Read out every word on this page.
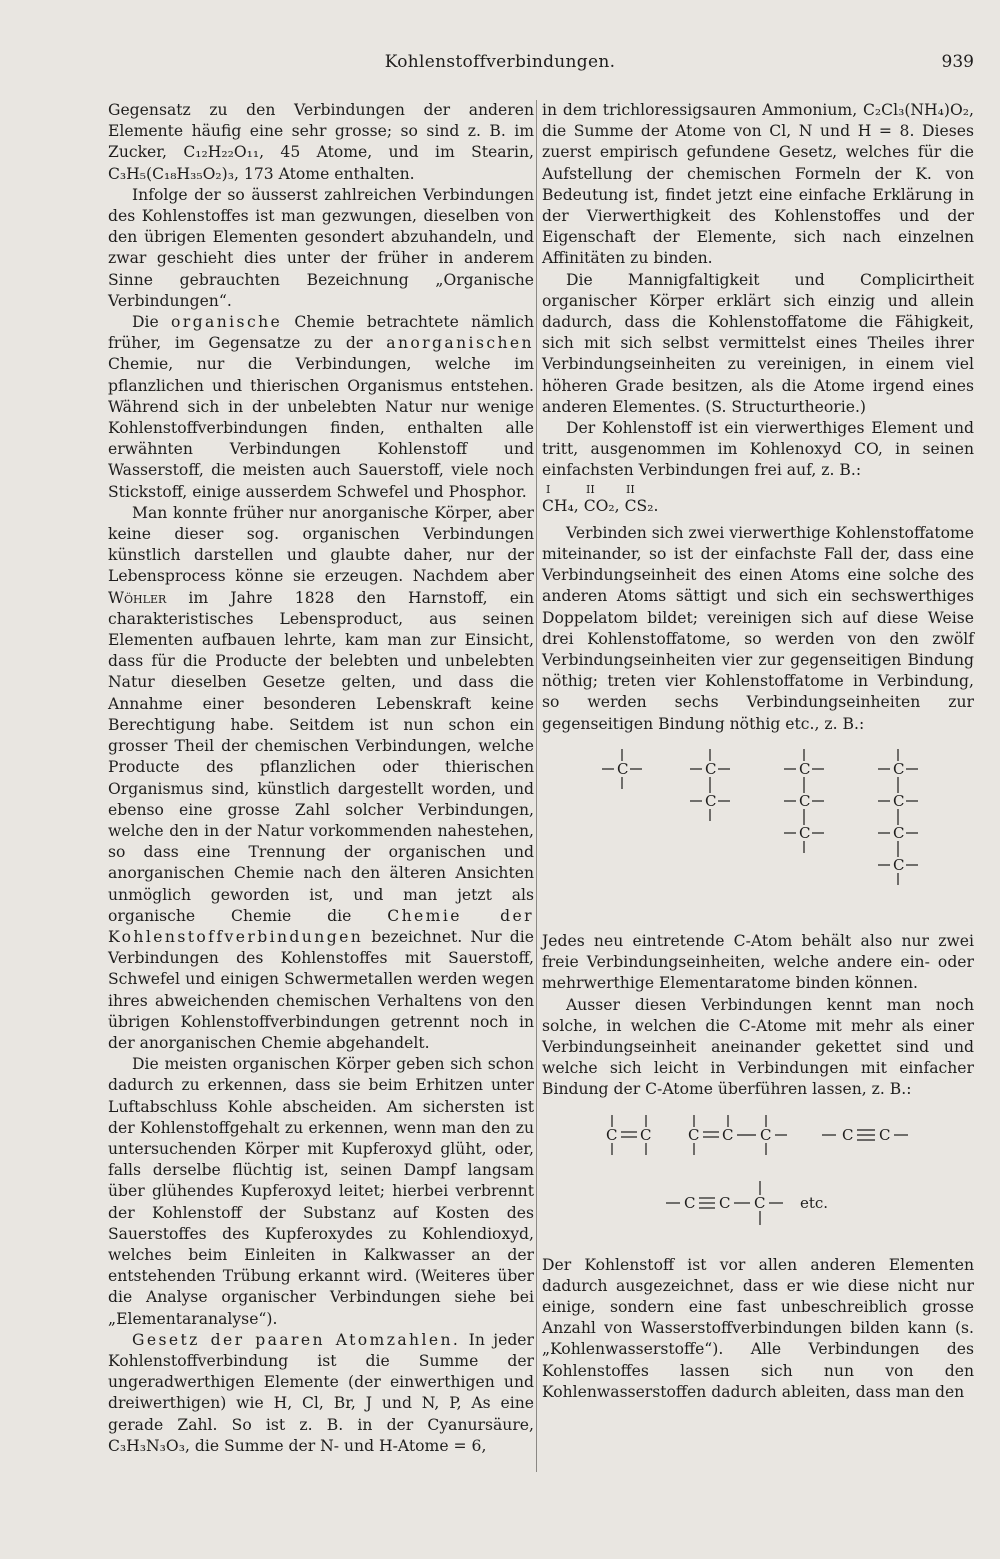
Kohlenstoffverbindungen.	939

Gegensatz zu den Verbindungen der anderen Elemente häufig eine sehr grosse; so sind z. B. im Zucker, C₁₂H₂₂O₁₁, 45 Atome, und im Stearin, C₃H₅(C₁₈H₃₅O₂)₃, 173 Atome enthalten.

Infolge der so äusserst zahlreichen Verbindungen des Kohlenstoffes ist man gezwungen, dieselben von den übrigen Elementen gesondert abzuhandeln, und zwar geschieht dies unter der früher in anderem Sinne gebrauchten Bezeichnung „Organische Verbindungen“.

Die organische Chemie betrachtete nämlich früher, im Gegensatze zu der anorganischen Chemie, nur die Verbindungen, welche im pflanzlichen und thierischen Organismus entstehen. Während sich in der unbelebten Natur nur wenige Kohlenstoffverbindungen finden, enthalten alle erwähnten Verbindungen Kohlenstoff und Wasserstoff, die meisten auch Sauerstoff, viele noch Stickstoff, einige ausserdem Schwefel und Phosphor.

Man konnte früher nur anorganische Körper, aber keine dieser sog. organischen Verbindungen künstlich darstellen und glaubte daher, nur der Lebensprocess könne sie erzeugen. Nachdem aber Wöhler im Jahre 1828 den Harnstoff, ein charakteristisches Lebensproduct, aus seinen Elementen aufbauen lehrte, kam man zur Einsicht, dass für die Producte der belebten und unbelebten Natur dieselben Gesetze gelten, und dass die Annahme einer besonderen Lebenskraft keine Berechtigung habe. Seitdem ist nun schon ein grosser Theil der chemischen Verbindungen, welche Producte des pflanzlichen oder thierischen Organismus sind, künstlich dargestellt worden, und ebenso eine grosse Zahl solcher Verbindungen, welche den in der Natur vorkommenden nahestehen, so dass eine Trennung der organischen und anorganischen Chemie nach den älteren Ansichten unmöglich geworden ist, und man jetzt als organische Chemie die Chemie der Kohlenstoffverbindungen bezeichnet. Nur die Verbindungen des Kohlenstoffes mit Sauerstoff, Schwefel und einigen Schwermetallen werden wegen ihres abweichenden chemischen Verhaltens von den übrigen Kohlenstoffverbindungen getrennt noch in der anorganischen Chemie abgehandelt.

Die meisten organischen Körper geben sich schon dadurch zu erkennen, dass sie beim Erhitzen unter Luftabschluss Kohle abscheiden. Am sichersten ist der Kohlenstoffgehalt zu erkennen, wenn man den zu untersuchenden Körper mit Kupferoxyd glüht, oder, falls derselbe flüchtig ist, seinen Dampf langsam über glühendes Kupferoxyd leitet; hierbei verbrennt der Kohlenstoff der Substanz auf Kosten des Sauerstoffes des Kupferoxydes zu Kohlendioxyd, welches beim Einleiten in Kalkwasser an der entstehenden Trübung erkannt wird. (Weiteres über die Analyse organischer Verbindungen siehe bei „Elementaranalyse“).

Gesetz der paaren Atomzahlen. In jeder Kohlenstoffverbindung ist die Summe der ungeradwerthigen Elemente (der einwerthigen und dreiwerthigen) wie H, Cl, Br, J und N, P, As eine gerade Zahl. So ist z. B. in der Cyanursäure, C₃H₃N₃O₃, die Summe der N- und H-Atome = 6,

in dem trichloressigsauren Ammonium, C₂Cl₃(NH₄)O₂, die Summe der Atome von Cl, N und H = 8. Dieses zuerst empirisch gefundene Gesetz, welches für die Aufstellung der chemischen Formeln der K. von Bedeutung ist, findet jetzt eine einfache Erklärung in der Vierwerthigkeit des Kohlenstoffes und der Eigenschaft der Elemente, sich nach einzelnen Affinitäten zu binden.

Die Mannigfaltigkeit und Complicirtheit organischer Körper erklärt sich einzig und allein dadurch, dass die Kohlenstoffatome die Fähigkeit, sich mit sich selbst vermittelst eines Theiles ihrer Verbindungseinheiten zu vereinigen, in einem viel höheren Grade besitzen, als die Atome irgend eines anderen Elementes. (S. Structurtheorie.)

Der Kohlenstoff ist ein vierwerthiges Element und tritt, ausgenommen im Kohlenoxyd CO, in seinen einfachsten Verbindungen frei auf, z. B.:

I	II	II
CH₄, CO₂, CS₂.

Verbinden sich zwei vierwerthige Kohlenstoffatome miteinander, so ist der einfachste Fall der, dass eine Verbindungseinheit des einen Atoms eine solche des anderen Atoms sättigt und sich ein sechswerthiges Doppelatom bildet; vereinigen sich auf diese Weise drei Kohlenstoffatome, so werden von den zwölf Verbindungseinheiten vier zur gegenseitigen Bindung nöthig; treten vier Kohlenstoffatome in Verbindung, so werden sechs Verbindungseinheiten zur gegenseitigen Bindung nöthig etc., z. B.:

C	C
C
C
C
C
C
C
C
C

Jedes neu eintretende C-Atom behält also nur zwei freie Verbindungseinheiten, welche andere ein- oder mehrwerthige Elementaratome binden können.

Ausser diesen Verbindungen kennt man noch solche, in welchen die C-Atome mit mehr als einer Verbindungseinheit aneinander gekettet sind und welche sich leicht in Verbindungen mit einfacher Bindung der C-Atome überführen lassen, z. B.:

C C C C C	C C
C C C etc.

Der Kohlenstoff ist vor allen anderen Elementen dadurch ausgezeichnet, dass er wie diese nicht nur einige, sondern eine fast unbeschreiblich grosse Anzahl von Wasserstoffverbindungen bilden kann (s. „Kohlenwasserstoffe“). Alle Verbindungen des Kohlenstoffes lassen sich nun von den Kohlenwasserstoffen dadurch ableiten, dass man den
